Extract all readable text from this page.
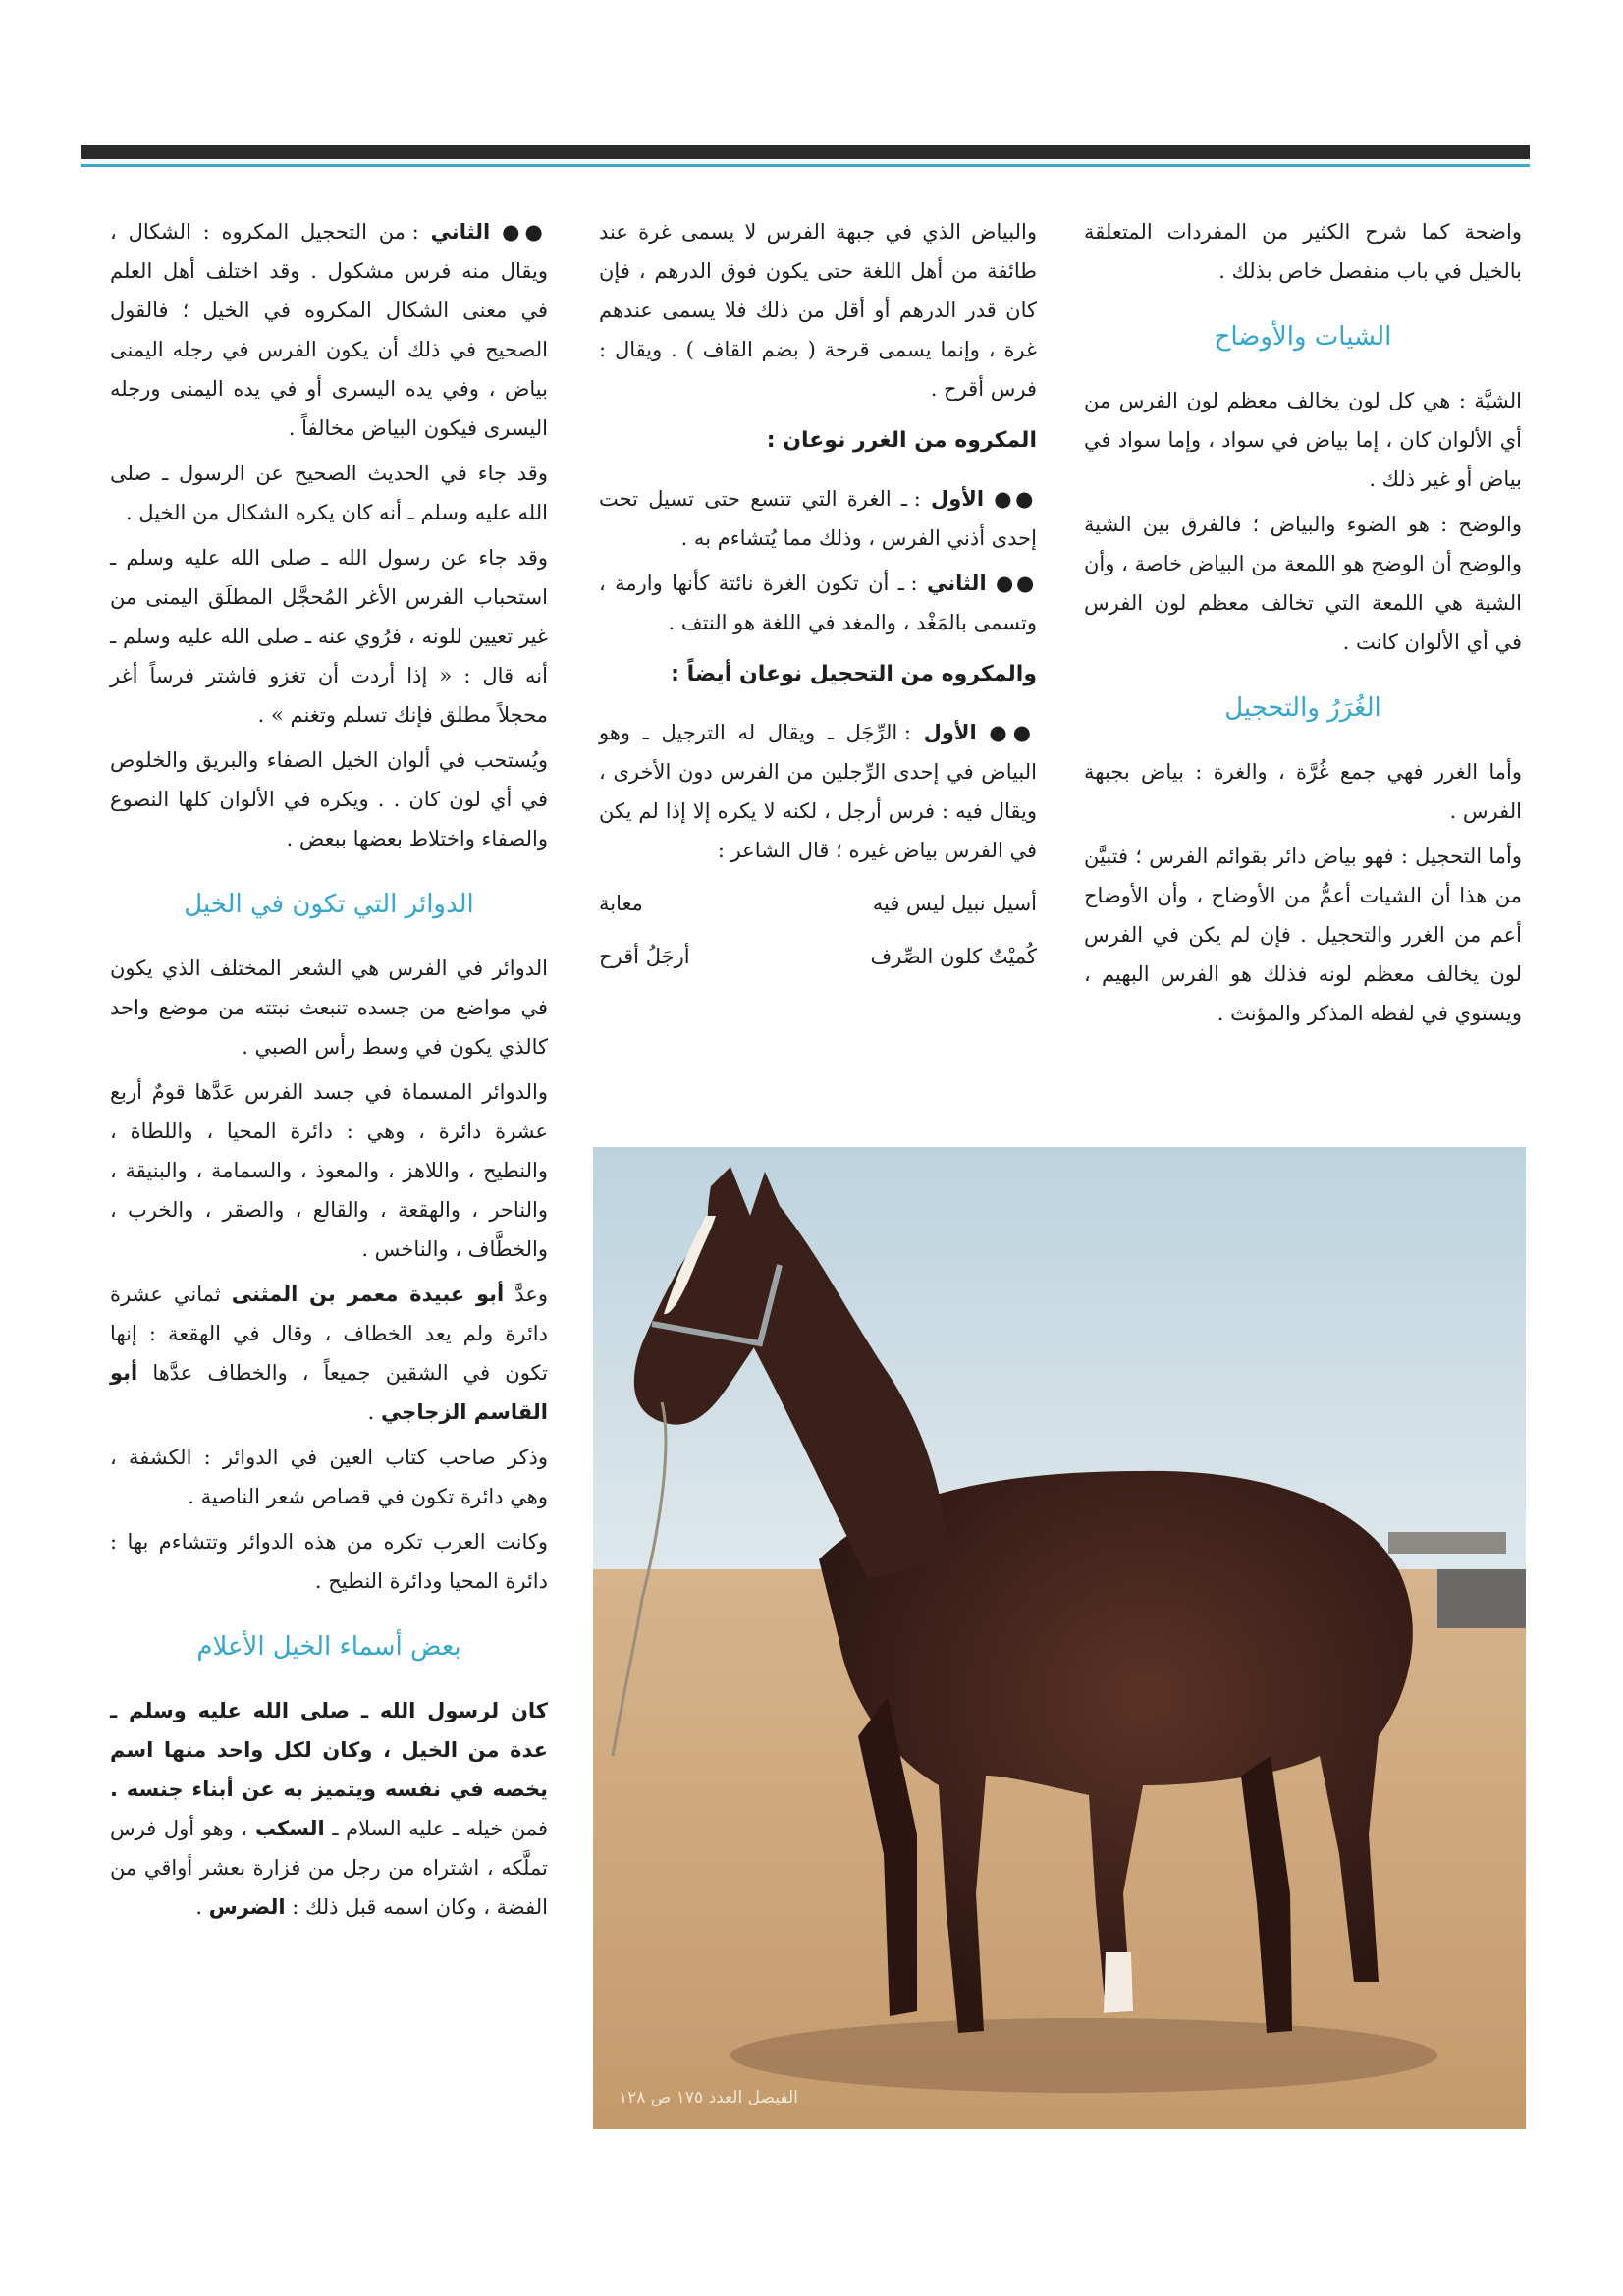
واضحة كما شرح الكثير من المفردات المتعلقة بالخيل في باب منفصل خاص بذلك .

الشيات والأوضاح

الشيَّة : هي كل لون يخالف معظم لون الفرس من أي الألوان كان ، إما بياض في سواد ، وإما سواد في بياض أو غير ذلك .

والوضح : هو الضوء والبياض ؛ فالفرق بين الشية والوضح أن الوضح هو اللمعة من البياض خاصة ، وأن الشية هي اللمعة التي تخالف معظم لون الفرس في أي الألوان كانت .

الغُرَرُ والتحجيل

وأما الغرر فهي جمع غُرَّة ، والغرة : بياض بجبهة الفرس .

وأما التحجيل : فهو بياض دائر بقوائم الفرس ؛ فتبيَّن من هذا أن الشيات أعمُّ من الأوضاح ، وأن الأوضاح أعم من الغرر والتحجيل . فإن لم يكن في الفرس لون يخالف معظم لونه فذلك هو الفرس البهيم ، ويستوي في لفظه المذكر والمؤنث .

والبياض الذي في جبهة الفرس لا يسمى غرة عند طائفة من أهل اللغة حتى يكون فوق الدرهم ، فإن كان قدر الدرهم أو أقل من ذلك فلا يسمى عندهم غرة ، وإنما يسمى قرحة ( بضم القاف ) . ويقال : فرس أقرح .

المكروه من الغرر نوعان :

●● الأول : ـ الغرة التي تتسع حتى تسيل تحت إحدى أذني الفرس ، وذلك مما يُتشاءم به .

●● الثاني : ـ أن تكون الغرة نائتة كأنها وارمة ، وتسمى بالمَغْد ، والمغد في اللغة هو النتف .

والمكروه من التحجيل نوعان أيضاً :

●● الأول : الرِّجَل ـ ويقال له الترجيل ـ وهو البياض في إحدى الرِّجلين من الفرس دون الأخرى ، ويقال فيه : فرس أرجل ، لكنه لا يكره إلا إذا لم يكن في الفرس بياض غيره ؛ قال الشاعر :

أسيل نبيل ليس فيه
معابة
كُميْتٌ كلون الصِّرف
أرجَلُ أقرح

●● الثاني : من التحجيل المكروه : الشكال ، ويقال منه فرس مشكول . وقد اختلف أهل العلم في معنى الشكال المكروه في الخيل ؛ فالقول الصحيح في ذلك أن يكون الفرس في رجله اليمنى بياض ، وفي يده اليسرى أو في يده اليمنى ورجله اليسرى فيكون البياض مخالفاً .

وقد جاء في الحديث الصحيح عن الرسول ـ صلى الله عليه وسلم ـ أنه كان يكره الشكال من الخيل .

وقد جاء عن رسول الله ـ صلى الله عليه وسلم ـ استحباب الفرس الأغر المُحجَّل المطلَق اليمنى من غير تعيين للونه ، فرُوي عنه ـ صلى الله عليه وسلم ـ أنه قال : « إذا أردت أن تغزو فاشتر فرساً أغر محجلاً مطلق فإنك تسلم وتغنم » .

ويُستحب في ألوان الخيل الصفاء والبريق والخلوص في أي لون كان . . ويكره في الألوان كلها النصوع والصفاء واختلاط بعضها ببعض .

الدوائر التي تكون في الخيل

الدوائر في الفرس هي الشعر المختلف الذي يكون في مواضع من جسده تنبعث نبتته من موضع واحد كالذي يكون في وسط رأس الصبي .

والدوائر المسماة في جسد الفرس عَدَّها قومٌ أربع عشرة دائرة ، وهي : دائرة المحيا ، واللطاة ، والنطيح ، واللاهز ، والمعوذ ، والسمامة ، والبنيقة ، والناحر ، والهقعة ، والقالع ، والصقر ، والخرب ، والخطَّاف ، والناخس .

وعدَّ أبو عبيدة معمر بن المثنى ثماني عشرة دائرة ولم يعد الخطاف ، وقال في الهقعة : إنها تكون في الشقين جميعاً ، والخطاف عدَّها أبو القاسم الزجاجي .

وذكر صاحب كتاب العين في الدوائر : الكشفة ، وهي دائرة تكون في قصاص شعر الناصية .

وكانت العرب تكره من هذه الدوائر وتتشاءم بها : دائرة المحيا ودائرة النطيح .

بعض أسماء الخيل الأعلام

كان لرسول الله ـ صلى الله عليه وسلم ـ عدة من الخيل ، وكان لكل واحد منها اسم يخصه في نفسه ويتميز به عن أبناء جنسه . فمن خيله ـ عليه السلام ـ السكب ، وهو أول فرس تملَّكه ، اشتراه من رجل من فزارة بعشر أواقي من الفضة ، وكان اسمه قبل ذلك : الضرس .

الفيصل العدد ١٧٥ ص ١٢٨
